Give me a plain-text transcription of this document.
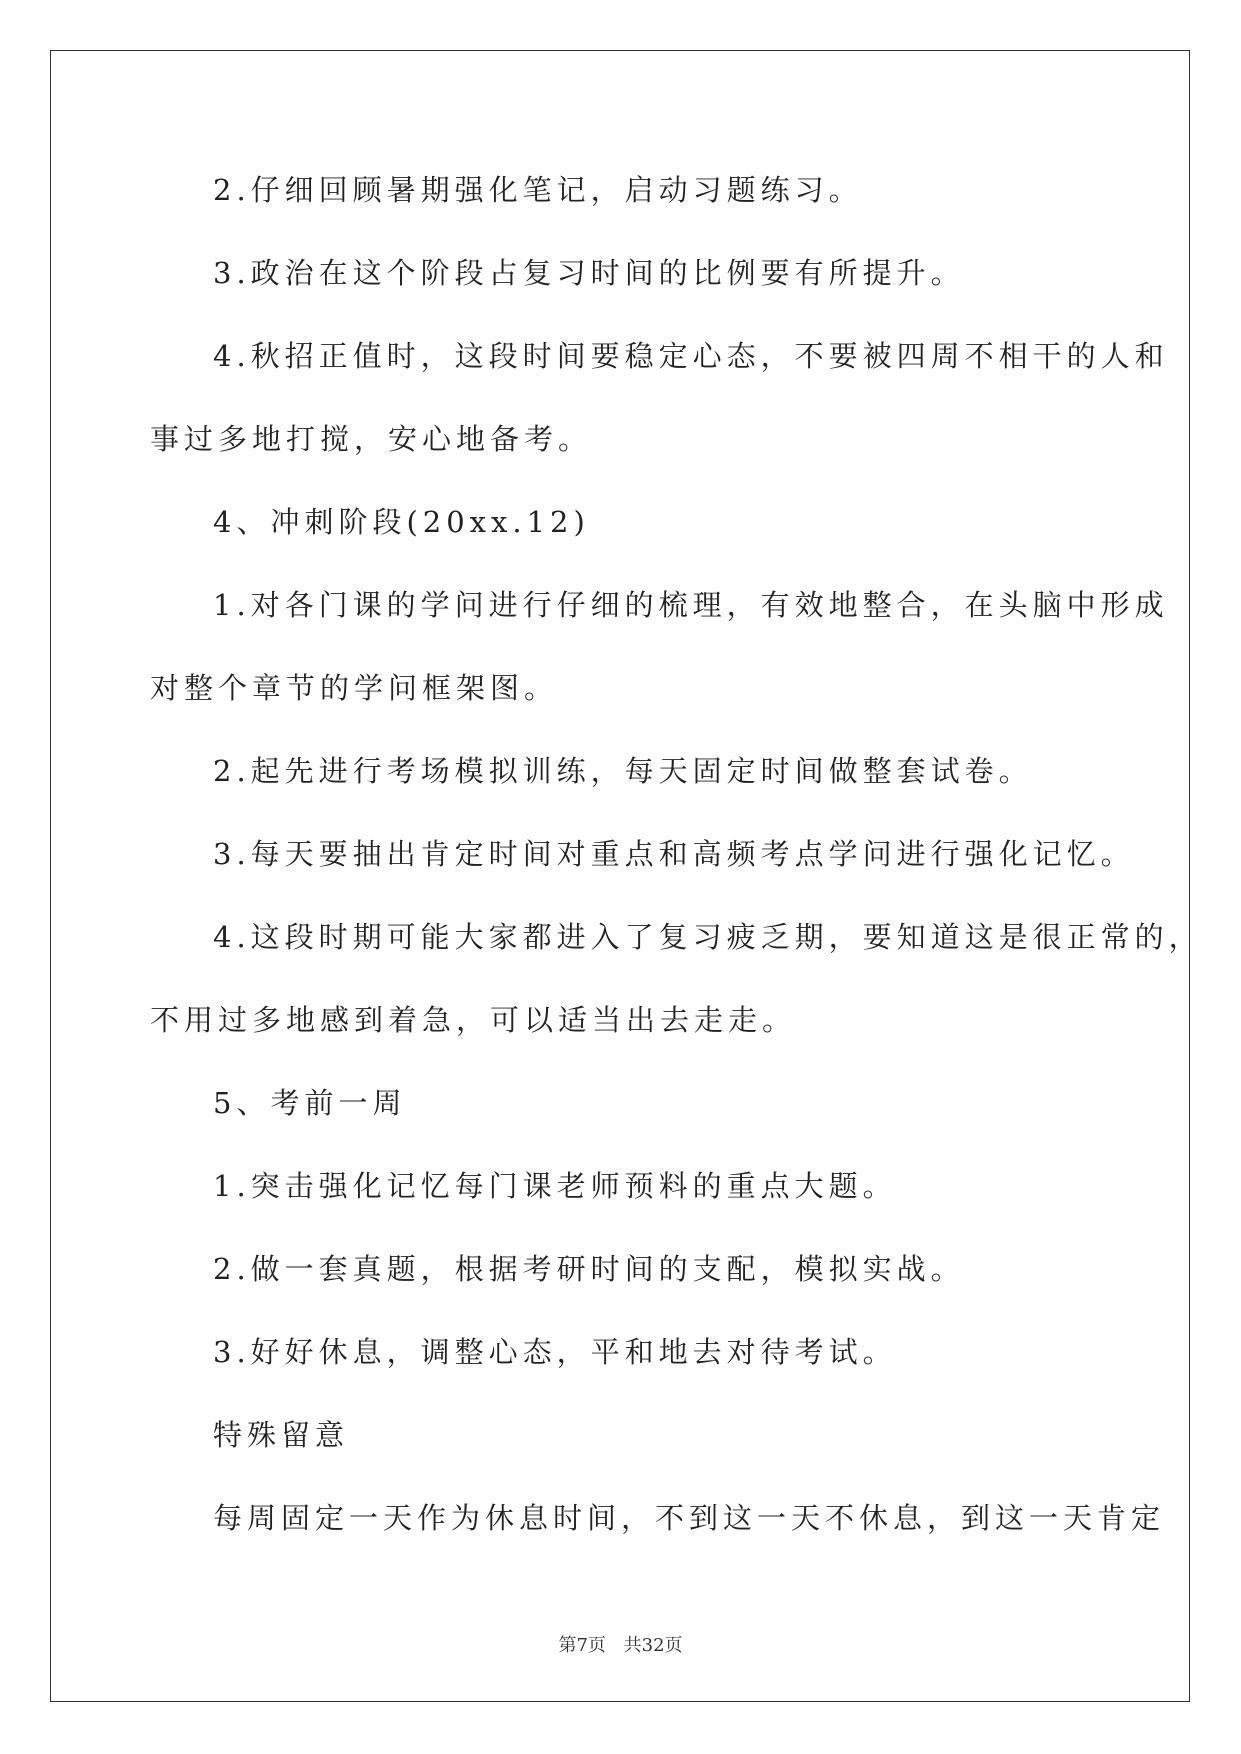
2.仔细回顾暑期强化笔记，启动习题练习。
3.政治在这个阶段占复习时间的比例要有所提升。
4.秋招正值时，这段时间要稳定心态，不要被四周不相干的人和
事过多地打搅，安心地备考。
4、冲刺阶段(20xx.12)
1.对各门课的学问进行仔细的梳理，有效地整合，在头脑中形成
对整个章节的学问框架图。
2.起先进行考场模拟训练，每天固定时间做整套试卷。
3.每天要抽出肯定时间对重点和高频考点学问进行强化记忆。
4.这段时期可能大家都进入了复习疲乏期，要知道这是很正常的，
不用过多地感到着急，可以适当出去走走。
5、考前一周
1.突击强化记忆每门课老师预料的重点大题。
2.做一套真题，根据考研时间的支配，模拟实战。
3.好好休息，调整心态，平和地去对待考试。
特殊留意
每周固定一天作为休息时间，不到这一天不休息，到这一天肯定
第7页 共32页
